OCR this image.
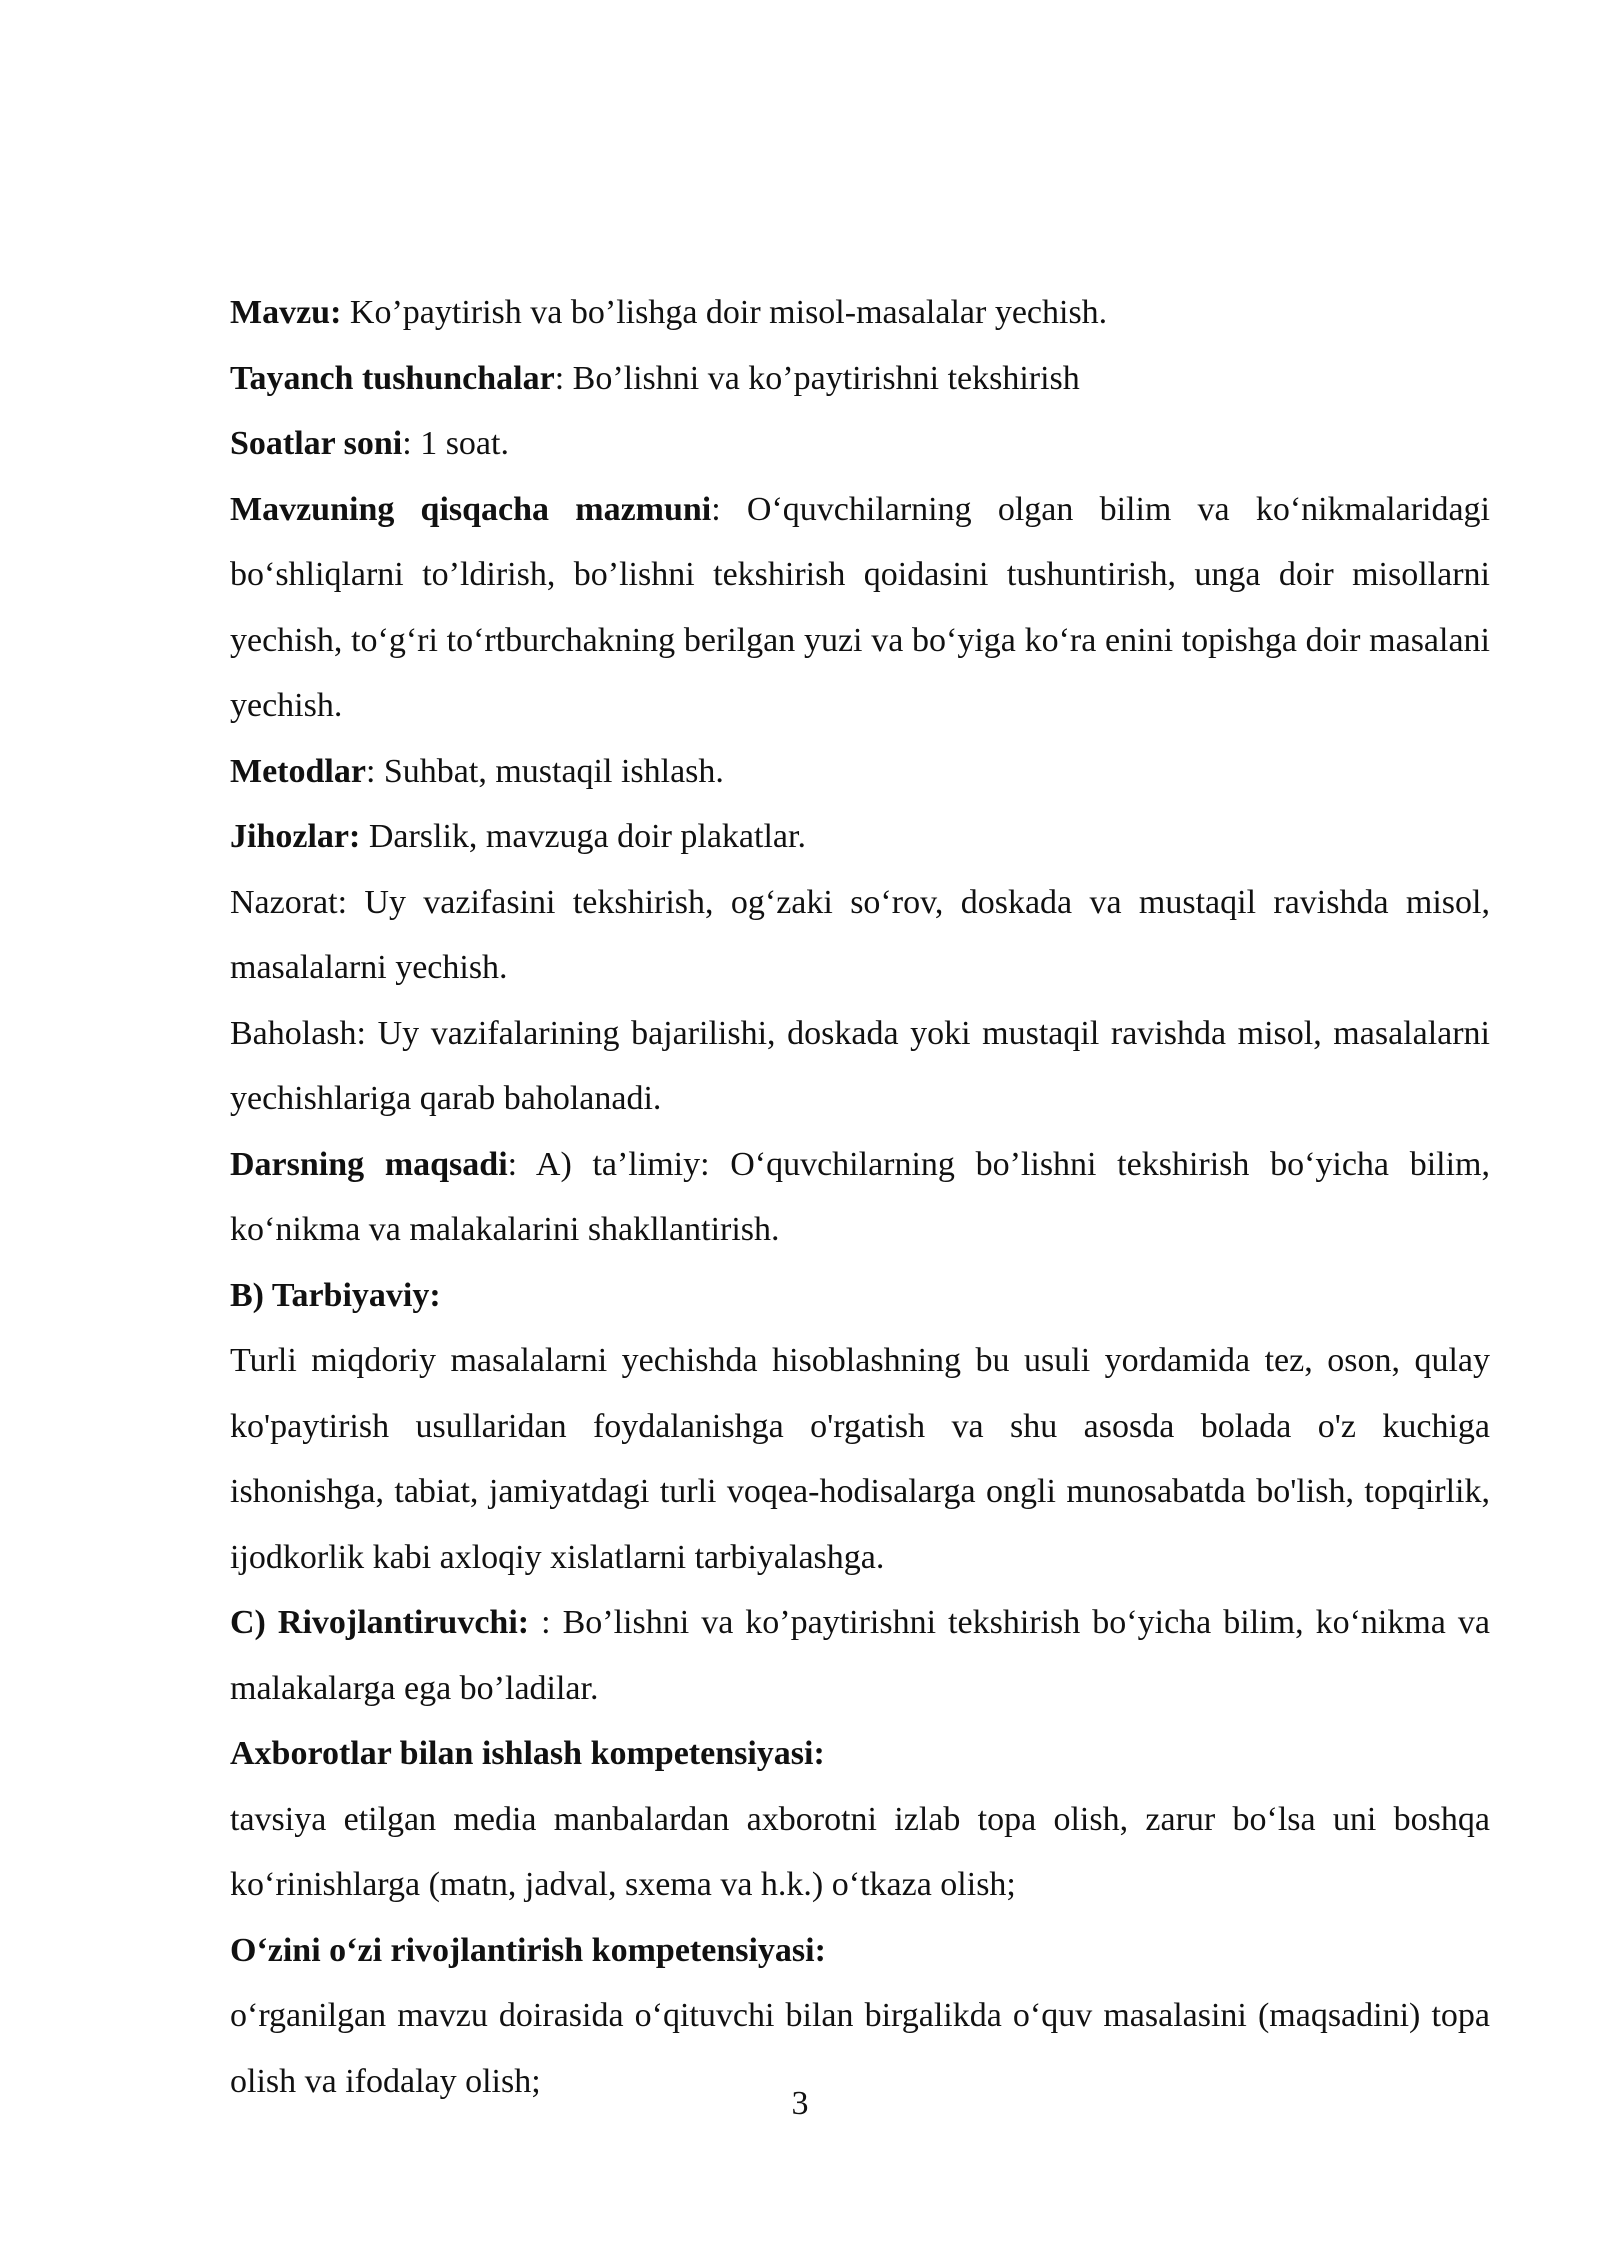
Mavzu: Ko’paytirish va bo’lishga doir misol-masalalar yechish.

Tayanch tushunchalar: Bo’lishni va ko’paytirishni tekshirish

Soatlar soni: 1 soat.

Mavzuning qisqacha mazmuni: O‘quvchilarning olgan bilim va ko‘nikmalaridagi bo‘shliqlarni to’ldirish, bo’lishni tekshirish qoidasini tushuntirish, unga doir misollarni yechish, to‘g‘ri to‘rtburchakning berilgan yuzi va bo‘yiga ko‘ra enini topishga doir masalani yechish.

Metodlar: Suhbat, mustaqil ishlash.

Jihozlar: Darslik, mavzuga doir plakatlar.

Nazorat: Uy vazifasini tekshirish, og‘zaki so‘rov, doskada va mustaqil ravishda misol, masalalarni yechish.

Baholash: Uy vazifalarining bajarilishi, doskada yoki mustaqil ravishda misol, masalalarni yechishlariga qarab baholanadi.

Darsning maqsadi: A) ta’limiy: O‘quvchilarning bo’lishni tekshirish bo‘yicha bilim, ko‘nikma va malakalarini shakllantirish.

B) Tarbiyaviy:

Turli miqdoriy masalalarni yechishda hisoblashning bu usuli yordamida tez, oson, qulay ko'paytirish usullaridan foydalanishga o'rgatish va shu asosda bolada o'z kuchiga ishonishga, tabiat, jamiyatdagi turli voqea-hodisalarga ongli munosabatda bo'lish, topqirlik, ijodkorlik kabi axloqiy xislatlarni tarbiyalashga.

C) Rivojlantiruvchi: : Bo’lishni va ko’paytirishni tekshirish bo‘yicha bilim, ko‘nikma va malakalarga ega bo’ladilar.

Axborotlar bilan ishlash kompetensiyasi:

tavsiya etilgan media manbalardan axborotni izlab topa olish, zarur bo‘lsa uni boshqa ko‘rinishlarga (matn, jadval, sxema va h.k.) o‘tkaza olish;

O‘zini o‘zi rivojlantirish kompetensiyasi:

o‘rganilgan mavzu doirasida o‘qituvchi bilan birgalikda o‘quv masalasini (maqsadini) topa olish va ifodalay olish;

3
